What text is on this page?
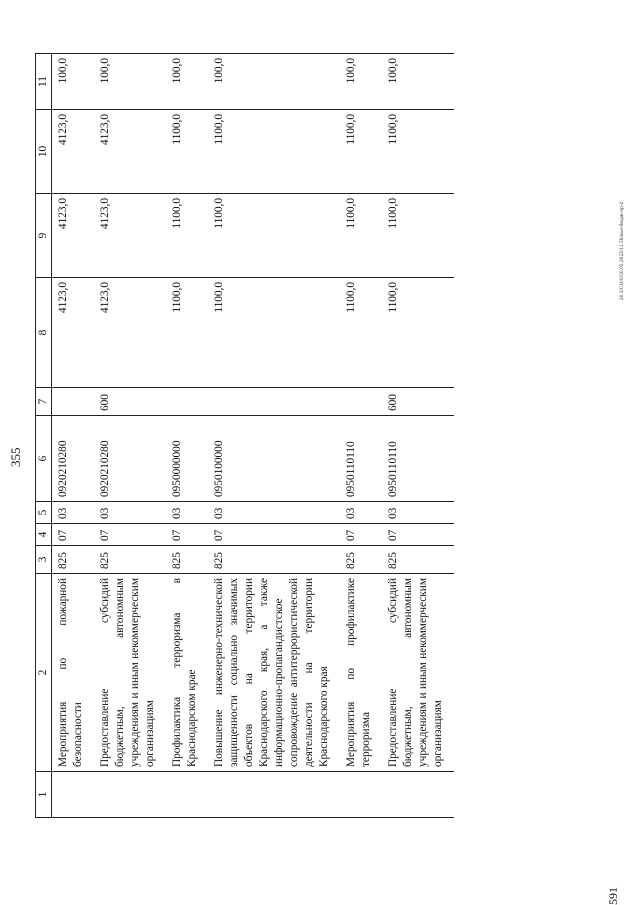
355
591
20.3/СО/0/50.05.2023/11.56/кол-бюдж-пр-2
1	2	3	4	5	6	7	8	9	10	11
	Мероприятия по пожарной безопасности	825	07	03	0920210280		4123,0	4123,0	4123,0	100,0
	Предоставление субсидий бюджетным, автономным учреждениям и иным некоммерческим организациям	825	07	03	0920210280	600	4123,0	4123,0	4123,0	100,0
	Профилактика терроризма в Краснодарском крае	825	07	03	0950000000		1100,0	1100,0	1100,0	100,0
	Повышение инженерно-технической защищенности социально значимых объектов на территории Краснодарского края, а также информационно-пропагандистское сопровождение антитеррористической деятельности на территории Краснодарского края	825	07	03	0950100000		1100,0	1100,0	1100,0	100,0
	Мероприятия по профилактике терроризма	825	07	03	0950110110		1100,0	1100,0	1100,0	100,0
	Предоставление субсидий бюджетным, автономным учреждениям и иным некоммерческим организациям	825	07	03	0950110110	600	1100,0	1100,0	1100,0	100,0
